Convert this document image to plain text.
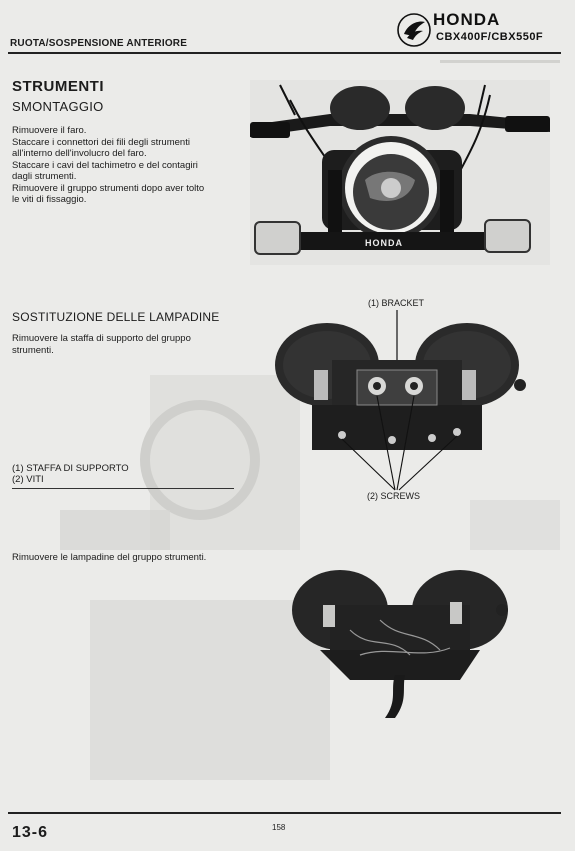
HONDA
CBX400F/CBX550F
RUOTA/SOSPENSIONE ANTERIORE
STRUMENTI
SMONTAGGIO
Rimuovere il faro.
Staccare i connettori dei fili degli strumenti
all'interno dell'involucro del faro.
Staccare i cavi del tachimetro e del contagiri
dagli strumenti.
Rimuovere il gruppo strumenti dopo aver tolto
le viti di fissaggio.
HONDA
SOSTITUZIONE DELLE LAMPADINE
Rimuovere la staffa di supporto del gruppo
strumenti.
(1) BRACKET
(2) SCREWS
(1) STAFFA DI SUPPORTO
(2) VITI
Rimuovere le lampadine del gruppo strumenti.
13-6	158
